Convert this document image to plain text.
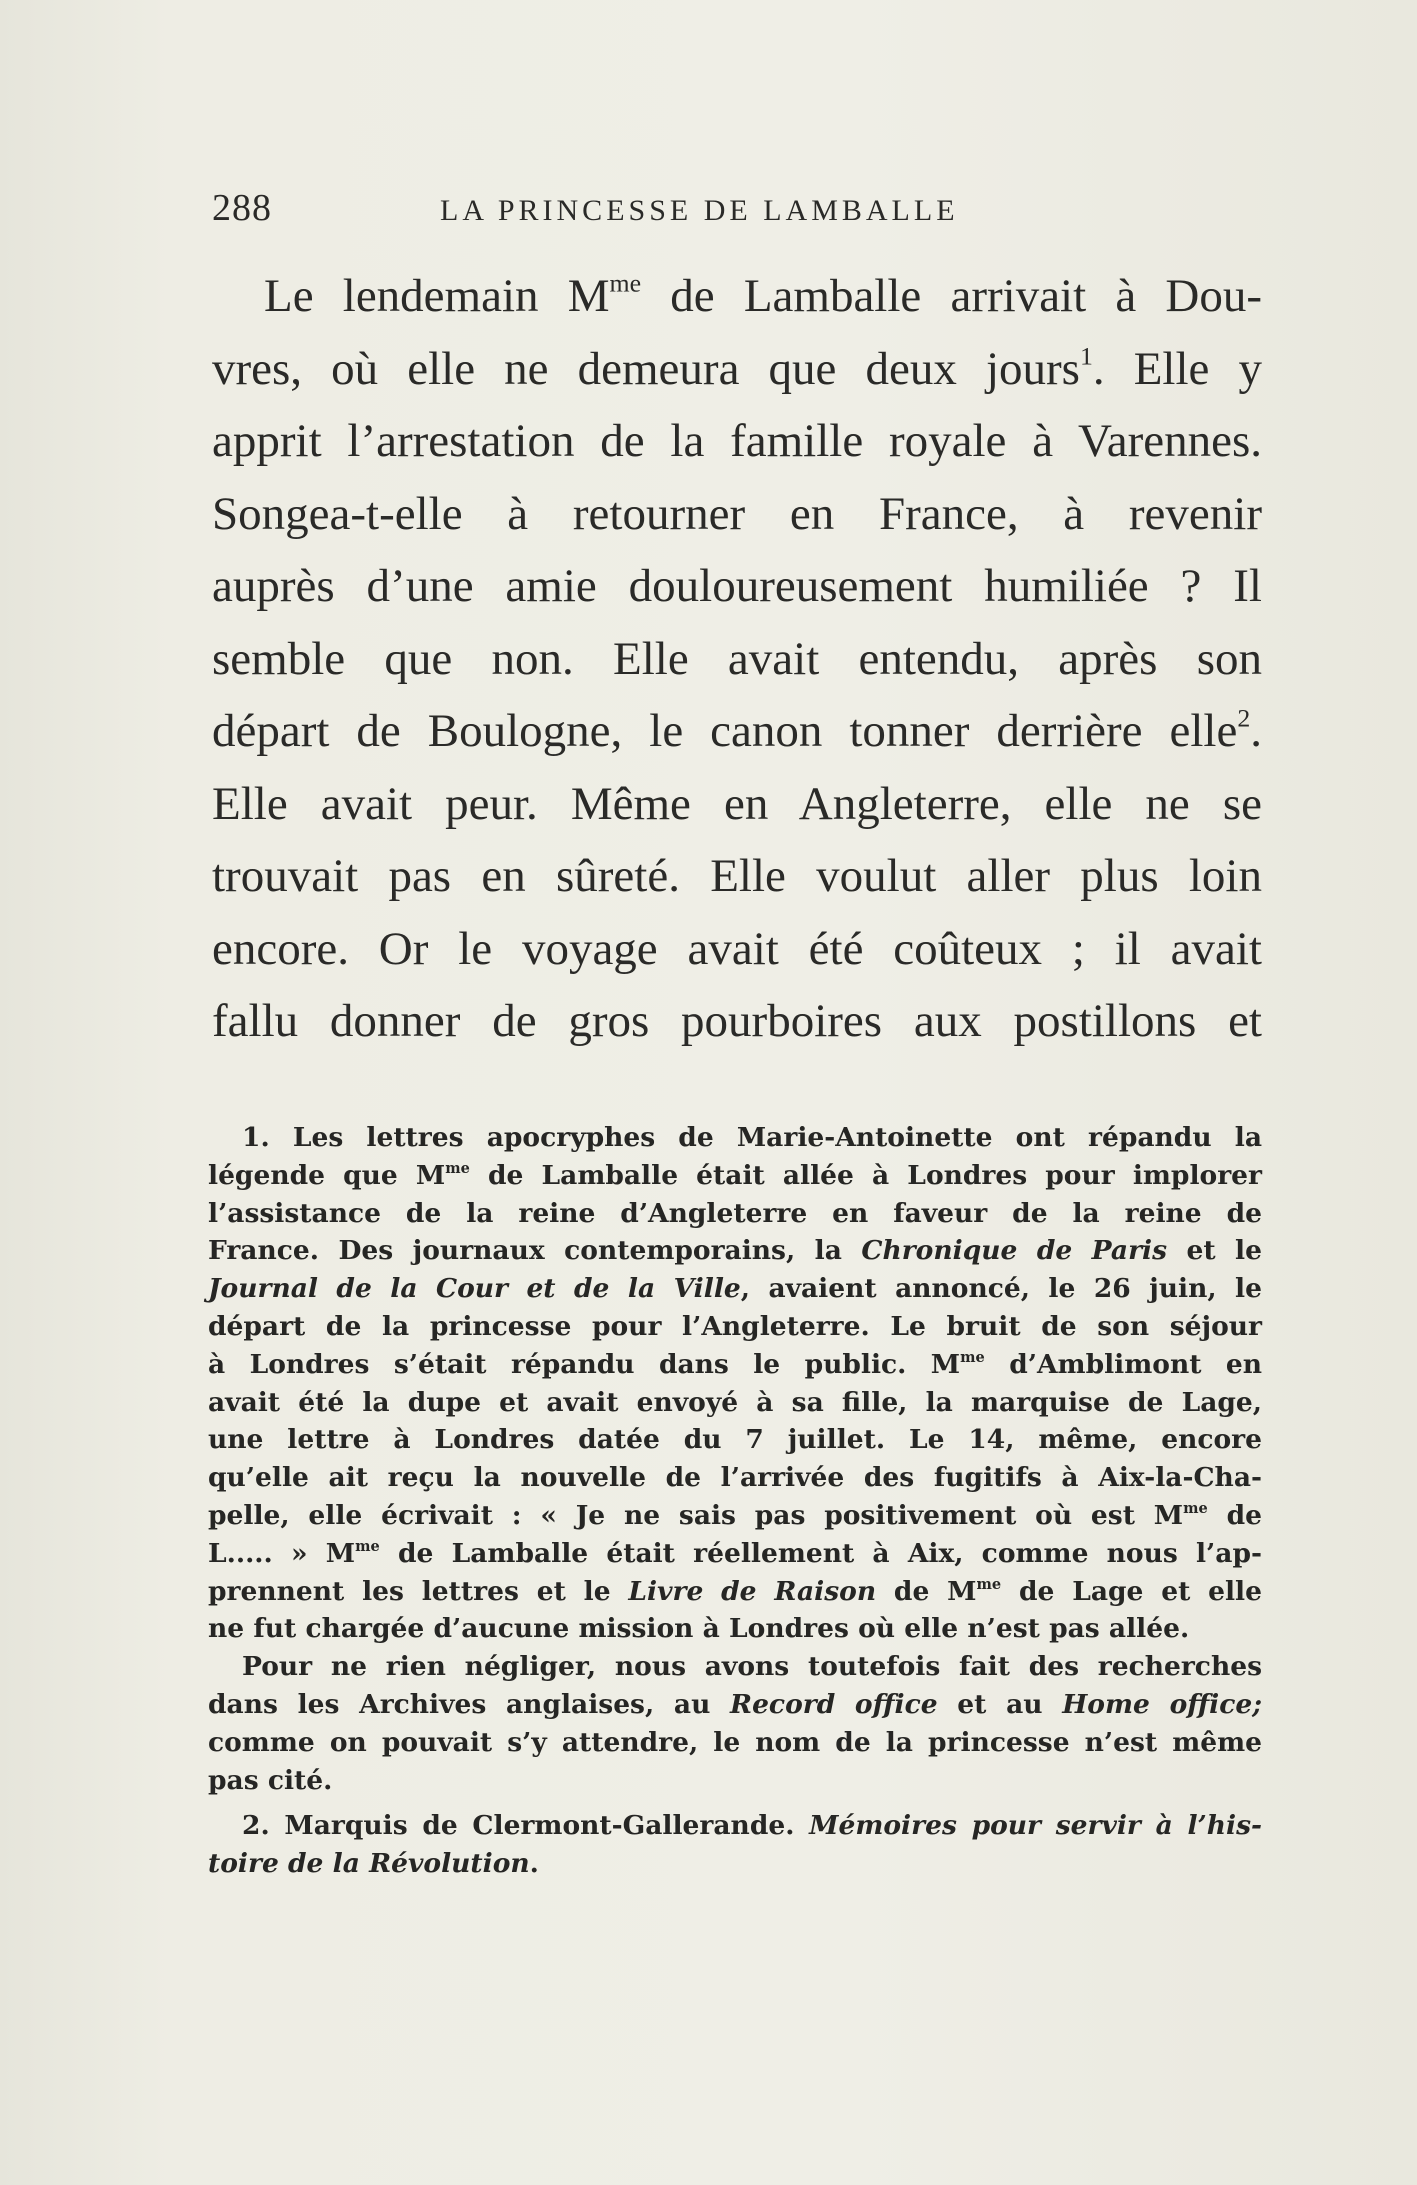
288	LA PRINCESSE DE LAMBALLE
Le lendemain $M^{me}$ de Lamballe arrivait à Dou-
vres, où elle ne demeura que deux jours$^1$. Elle y
apprit l’arrestation de la famille royale à Varennes.
Songea-t-elle à retourner en France, à revenir
auprès d’une amie douloureusement humiliée ? Il
semble que non. Elle avait entendu, après son
départ de Boulogne, le canon tonner derrière elle$^2$.
Elle avait peur. Même en Angleterre, elle ne se
trouvait pas en sûreté. Elle voulut aller plus loin
encore. Or le voyage avait été coûteux ; il avait
fallu donner de gros pourboires aux postillons et
1. Les lettres apocryphes de Marie-Antoinette ont répandu la
légende que $M^{me}$ de Lamballe était allée à Londres pour implorer
l’assistance de la reine d’Angleterre en faveur de la reine de
France. Des journaux contemporains, la Chronique de Paris et le
Journal de la Cour et de la Ville, avaient annoncé, le 26 juin, le
départ de la princesse pour l’Angleterre. Le bruit de son séjour
à Londres s’était répandu dans le public. $M^{me}$ d’Amblimont en
avait été la dupe et avait envoyé à sa fille, la marquise de Lage,
une lettre à Londres datée du 7 juillet. Le 14, même, encore
qu’elle ait reçu la nouvelle de l’arrivée des fugitifs à Aix-la-Cha-
pelle, elle écrivait : « Je ne sais pas positivement où est $M^{me}$ de
L..... » $M^{me}$ de Lamballe était réellement à Aix, comme nous l’ap-
prennent les lettres et le Livre de Raison de $M^{me}$ de Lage et elle
ne fut chargée d’aucune mission à Londres où elle n’est pas allée.
Pour ne rien négliger, nous avons toutefois fait des recherches
dans les Archives anglaises, au Record office et au Home office;
comme on pouvait s’y attendre, le nom de la princesse n’est même
pas cité.
2. Marquis de Clermont-Gallerande. Mémoires pour servir à l’his-
toire de la Révolution.
